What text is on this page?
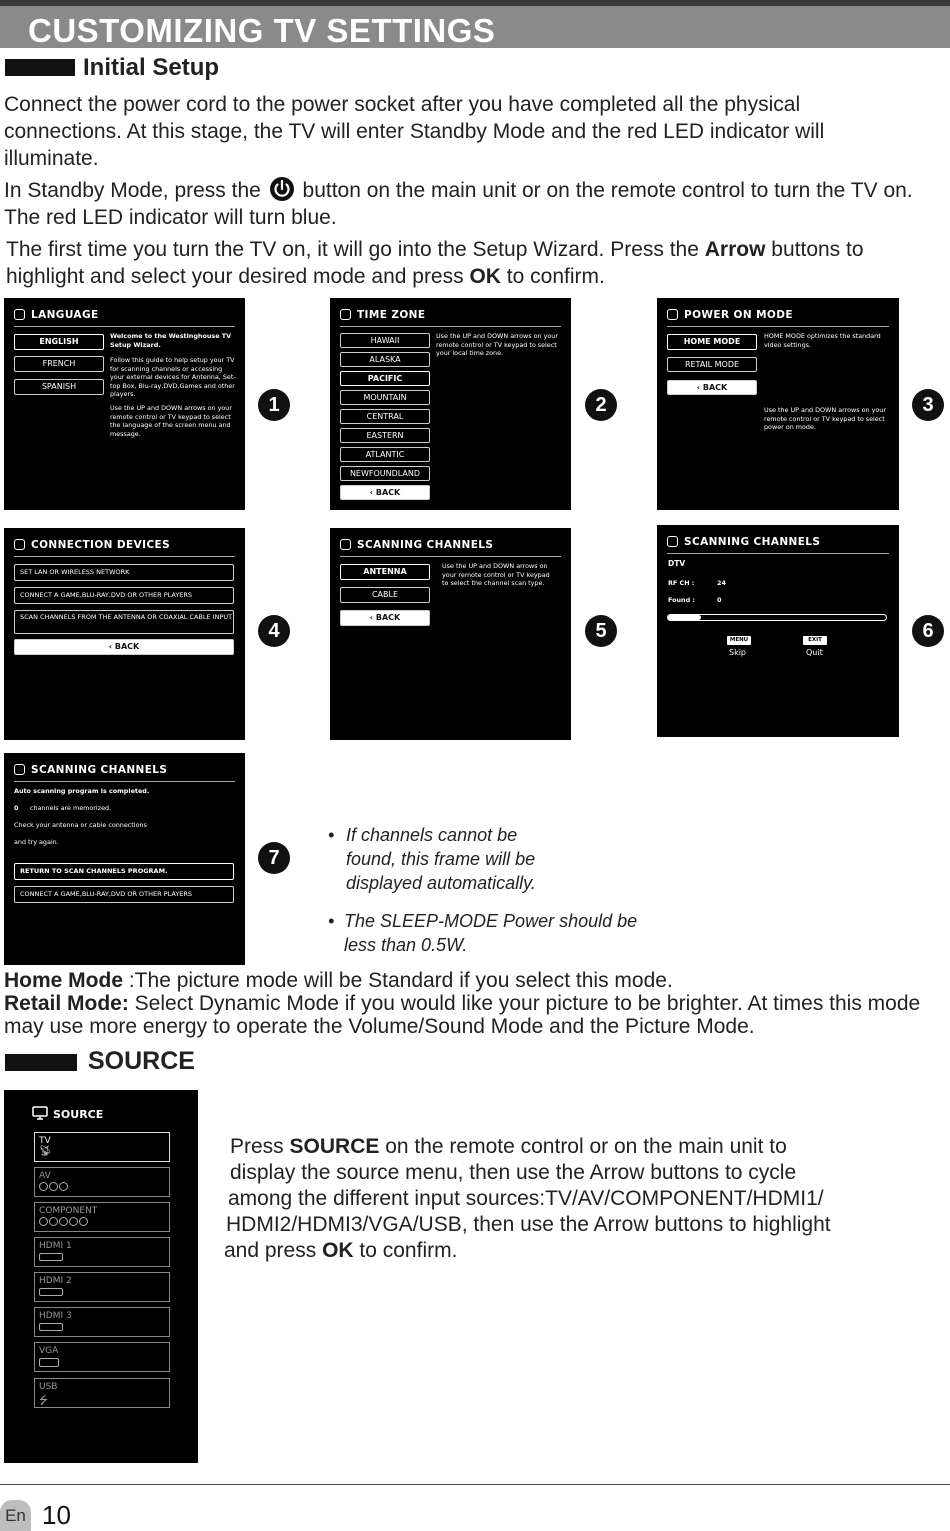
CUSTOMIZING TV SETTINGS
Initial Setup
Connect the power cord to the power socket after you have completed all the physical connections. At this stage, the TV will enter Standby Mode and the red LED indicator will illuminate.
In Standby Mode, press the button on the main unit or on the remote control to turn the TV on. The red LED indicator will turn blue.
The first time you turn the TV on, it will go into the Setup Wizard. Press the Arrow buttons to highlight and select your desired mode and press OK to confirm.
LANGUAGE
ENGLISH
FRENCH
SPANISH
Welcome to the Westinghouse TV Setup Wizard.
Follow this guide to help setup your TV for scanning channels or accessing your external devices for Antenna, Set-top Box, Blu-ray,DVD,Games and other players.
Use the UP and DOWN arrows on your remote control or TV keypad to select the language of the screen menu and message.
TIME ZONE
HAWAII
ALASKA
PACIFIC
MOUNTAIN
CENTRAL
EASTERN
ATLANTIC
NEWFOUNDLAND
‹ BACK
Use the UP and DOWN arrows on your remote control or TV keypad to select your local time zone.
POWER ON MODE
HOME MODE
RETAIL MODE
‹ BACK
HOME MODE optimizes the standard video settings.
Use the UP and DOWN arrows on your remote control or TV keypad to select power on mode.
CONNECTION DEVICES
SET LAN OR WIRELESS NETWORK
CONNECT A GAME,BLU-RAY,DVD OR OTHER PLAYERS
SCAN CHANNELS FROM THE ANTENNA OR COAXIAL CABLE INPUT
‹ BACK
SCANNING CHANNELS
ANTENNA
CABLE
‹ BACK
Use the UP and DOWN arrows on your remote control or TV keypad to select the channel scan type.
SCANNING CHANNELS
DTV
RF CH :	24
Found :	0
MENU
Skip
EXIT
Quit
SCANNING CHANNELS
Auto scanning program is completed.
0 channels are memorized.
Check your antenna or cable connections
and try again.
RETURN TO SCAN CHANNELS PROGRAM.
CONNECT A GAME,BLU-RAY,DVD OR OTHER PLAYERS
1	2	3
4	5	6
7
• If channels cannot be found, this frame will be displayed automatically.
• The SLEEP-MODE Power should be less than 0.5W.
Home Mode :The picture mode will be Standard if you select this mode.
Retail Mode: Select Dynamic Mode if you would like your picture to be brighter. At times this mode may use more energy to operate the Volume/Sound Mode and the Picture Mode.
SOURCE
SOURCE
TV
📡︎
AV
COMPONENT
HDMI 1
HDMI 2
HDMI 3
VGA
USB
⭍
Press SOURCE on the remote control or on the main unit to
display the source menu, then use the Arrow buttons to cycle
among the different input sources:TV/AV/COMPONENT/HDMI1/
HDMI2/HDMI3/VGA/USB, then use the Arrow buttons to highlight
and press OK to confirm.
En 10
